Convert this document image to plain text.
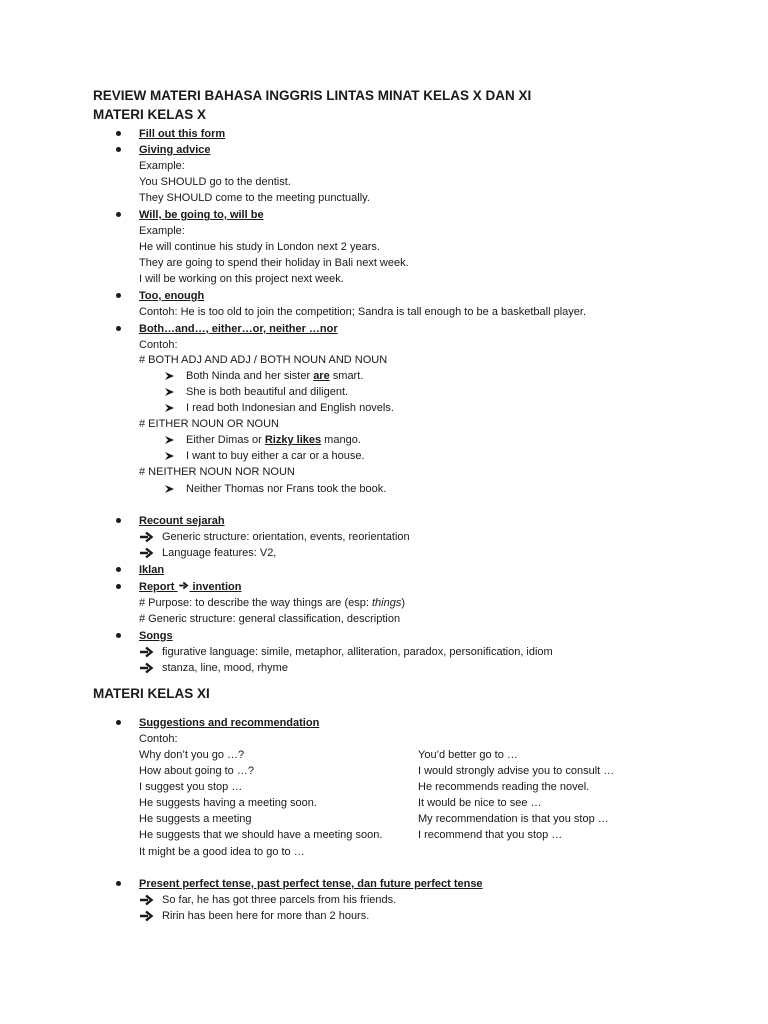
REVIEW MATERI BAHASA INGGRIS LINTAS MINAT KELAS X DAN XI
MATERI KELAS X
Fill out this form
Giving advice
Example:
You SHOULD go to the dentist.
They SHOULD come to the meeting punctually.
Will, be going to, will be
Example:
He will continue his study in London next 2 years.
They are going to spend their holiday in Bali next week.
I will be working on this project next week.
Too, enough
Contoh: He is too old to join the competition; Sandra is tall enough to be a basketball player.
Both…and…, either…or, neither …nor
Contoh:
# BOTH ADJ AND ADJ / BOTH NOUN AND NOUN
Both Ninda and her sister are smart.
She is both beautiful and diligent.
I read both Indonesian and English novels.
# EITHER NOUN OR NOUN
Either Dimas or Rizky likes mango.
I want to buy either a car or a house.
# NEITHER NOUN NOR NOUN
Neither Thomas nor Frans took the book.
Recount sejarah
Generic structure: orientation, events, reorientation
Language features: V2,
Iklan
Report  invention
# Purpose: to describe the way things are (esp: things)
# Generic structure: general classification, description
Songs
figurative language: simile, metaphor, alliteration, paradox, personification, idiom
stanza, line, mood, rhyme
MATERI KELAS XI
Suggestions and recommendation
Contoh:
Why don’t you go …?
How about going to …?
I suggest you stop …
He suggests having a meeting soon.
He suggests a meeting
He suggests that we should have a meeting soon.
It might be a good idea to go to …
You’d better go to …
I would strongly advise you to consult …
He recommends reading the novel.
It would be nice to see …
My recommendation is that you stop …
I recommend that you stop …
Present perfect tense, past perfect tense, dan future perfect tense
So far, he has got three parcels from his friends.
Ririn has been here for more than 2 hours.
